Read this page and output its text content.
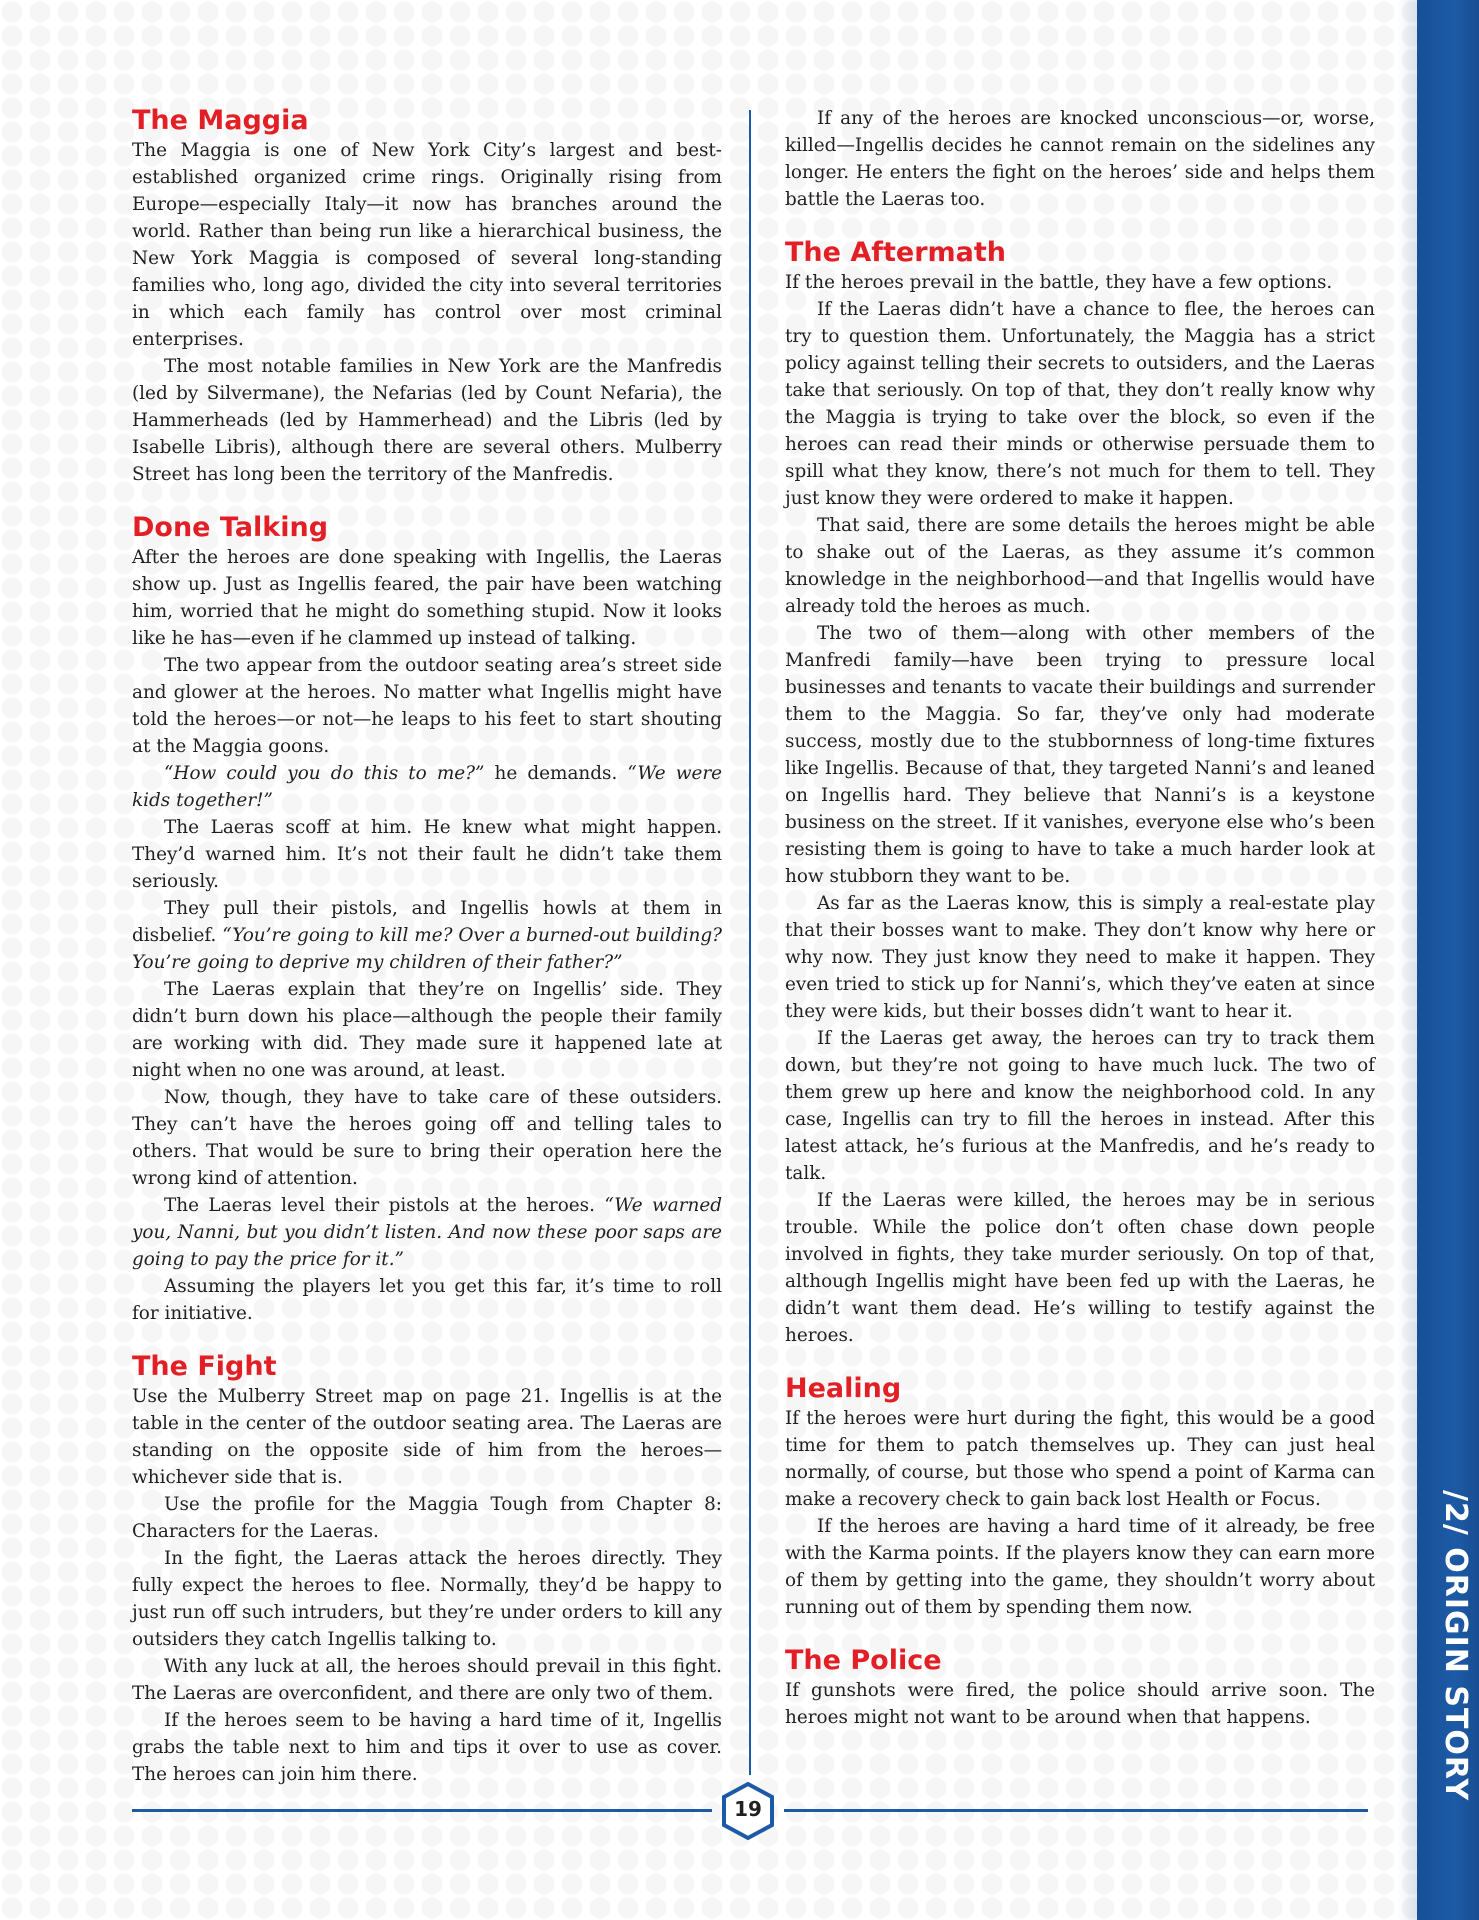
/2/ ORIGIN STORY
The Maggia

The Maggia is one of New York City’s largest and best-established organized crime rings. Originally rising from Europe—especially Italy—it now has branches around the world. Rather than being run like a hierarchical business, the New York Maggia is composed of several long-standing families who, long ago, divided the city into several territories in which each family has control over most criminal enterprises.

The most notable families in New York are the Manfredis (led by Silvermane), the Nefarias (led by Count Nefaria), the Hammerheads (led by Hammerhead) and the Libris (led by Isabelle Libris), although there are several others. Mulberry Street has long been the territory of the Manfredis.

Done Talking

After the heroes are done speaking with Ingellis, the Laeras show up. Just as Ingellis feared, the pair have been watching him, worried that he might do something stupid. Now it looks like he has—even if he clammed up instead of talking.

The two appear from the outdoor seating area’s street side and glower at the heroes. No matter what Ingellis might have told the heroes—or not—he leaps to his feet to start shouting at the Maggia goons.

“How could you do this to me?” he demands. “We were kids together!”

The Laeras scoff at him. He knew what might happen. They’d warned him. It’s not their fault he didn’t take them seriously.

They pull their pistols, and Ingellis howls at them in disbelief. “You’re going to kill me? Over a burned-out building? You’re going to deprive my children of their father?”

The Laeras explain that they’re on Ingellis’ side. They didn’t burn down his place—although the people their family are working with did. They made sure it happened late at night when no one was around, at least.

Now, though, they have to take care of these outsiders. They can’t have the heroes going off and telling tales to others. That would be sure to bring their operation here the wrong kind of attention.

The Laeras level their pistols at the heroes. “We warned you, Nanni, but you didn’t listen. And now these poor saps are going to pay the price for it.”

Assuming the players let you get this far, it’s time to roll for initiative.

The Fight

Use the Mulberry Street map on page 21. Ingellis is at the table in the center of the outdoor seating area. The Laeras are standing on the opposite side of him from the heroes—whichever side that is.

Use the profile for the Maggia Tough from Chapter 8: Characters for the Laeras.

In the fight, the Laeras attack the heroes directly. They fully expect the heroes to flee. Normally, they’d be happy to just run off such intruders, but they’re under orders to kill any outsiders they catch Ingellis talking to.

With any luck at all, the heroes should prevail in this fight. The Laeras are overconfident, and there are only two of them.

If the heroes seem to be having a hard time of it, Ingellis grabs the table next to him and tips it over to use as cover. The heroes can join him there.

If any of the heroes are knocked unconscious—or, worse, killed—Ingellis decides he cannot remain on the sidelines any longer. He enters the fight on the heroes’ side and helps them battle the Laeras too.

The Aftermath

If the heroes prevail in the battle, they have a few options.

If the Laeras didn’t have a chance to flee, the heroes can try to question them. Unfortunately, the Maggia has a strict policy against telling their secrets to outsiders, and the Laeras take that seriously. On top of that, they don’t really know why the Maggia is trying to take over the block, so even if the heroes can read their minds or otherwise persuade them to spill what they know, there’s not much for them to tell. They just know they were ordered to make it happen.

That said, there are some details the heroes might be able to shake out of the Laeras, as they assume it’s common knowledge in the neighborhood—and that Ingellis would have already told the heroes as much.

The two of them—along with other members of the Manfredi family—have been trying to pressure local businesses and tenants to vacate their buildings and surrender them to the Maggia. So far, they’ve only had moderate success, mostly due to the stubbornness of long-time fixtures like Ingellis. Because of that, they targeted Nanni’s and leaned on Ingellis hard. They believe that Nanni’s is a keystone business on the street. If it vanishes, everyone else who’s been resisting them is going to have to take a much harder look at how stubborn they want to be.

As far as the Laeras know, this is simply a real-estate play that their bosses want to make. They don’t know why here or why now. They just know they need to make it happen. They even tried to stick up for Nanni’s, which they’ve eaten at since they were kids, but their bosses didn’t want to hear it.

If the Laeras get away, the heroes can try to track them down, but they’re not going to have much luck. The two of them grew up here and know the neighborhood cold. In any case, Ingellis can try to fill the heroes in instead. After this latest attack, he’s furious at the Manfredis, and he’s ready to talk.

If the Laeras were killed, the heroes may be in serious trouble. While the police don’t often chase down people involved in fights, they take murder seriously. On top of that, although Ingellis might have been fed up with the Laeras, he didn’t want them dead. He’s willing to testify against the heroes.

Healing

If the heroes were hurt during the fight, this would be a good time for them to patch themselves up. They can just heal normally, of course, but those who spend a point of Karma can make a recovery check to gain back lost Health or Focus.

If the heroes are having a hard time of it already, be free with the Karma points. If the players know they can earn more of them by getting into the game, they shouldn’t worry about running out of them by spending them now.

The Police

If gunshots were fired, the police should arrive soon. The heroes might not want to be around when that happens.

19
